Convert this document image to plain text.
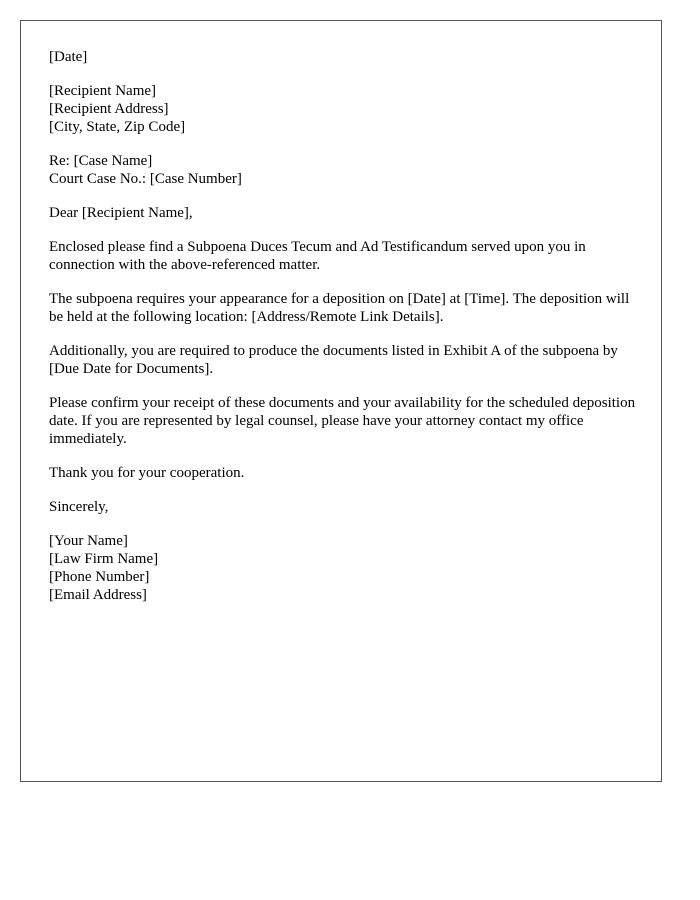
[Date]
[Recipient Name]
[Recipient Address]
[City, State, Zip Code]
Re: [Case Name]
Court Case No.: [Case Number]
Dear [Recipient Name],

Enclosed please find a Subpoena Duces Tecum and Ad Testificandum served upon you in connection with the above-referenced matter.

The subpoena requires your appearance for a deposition on [Date] at [Time]. The deposition will be held at the following location: [Address/Remote Link Details].

Additionally, you are required to produce the documents listed in Exhibit A of the subpoena by [Due Date for Documents].

Please confirm your receipt of these documents and your availability for the scheduled deposition date. If you are represented by legal counsel, please have your attorney contact my office immediately.

Thank you for your cooperation.

Sincerely,
[Your Name]
[Law Firm Name]
[Phone Number]
[Email Address]
